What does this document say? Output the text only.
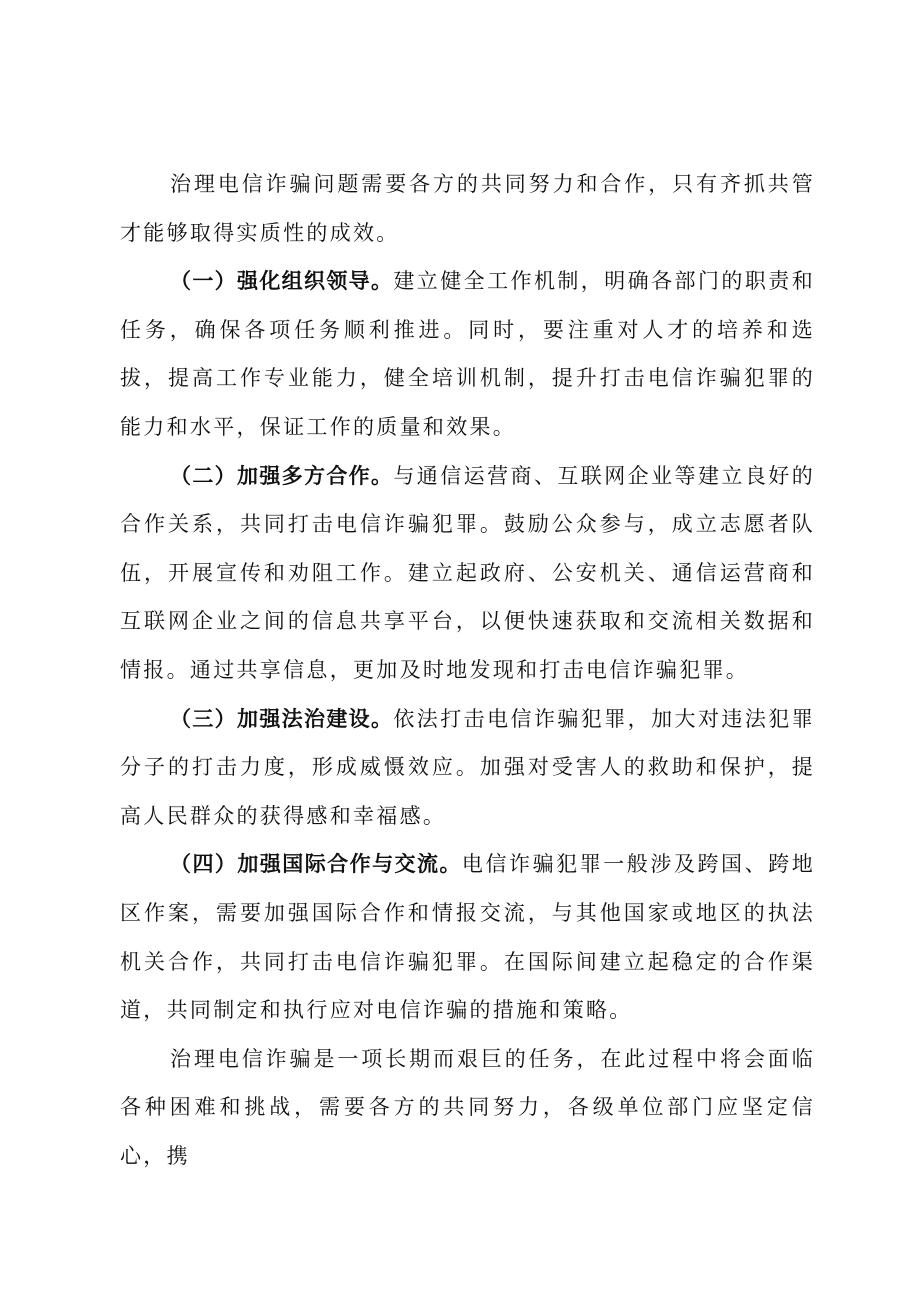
治理电信诈骗问题需要各方的共同努力和合作，只有齐抓共管才能够取得实质性的成效。

（一）强化组织领导。建立健全工作机制，明确各部门的职责和任务，确保各项任务顺利推进。同时，要注重对人才的培养和选拔，提高工作专业能力，健全培训机制，提升打击电信诈骗犯罪的能力和水平，保证工作的质量和效果。

（二）加强多方合作。与通信运营商、互联网企业等建立良好的合作关系，共同打击电信诈骗犯罪。鼓励公众参与，成立志愿者队伍，开展宣传和劝阻工作。建立起政府、公安机关、通信运营商和互联网企业之间的信息共享平台，以便快速获取和交流相关数据和情报。通过共享信息，更加及时地发现和打击电信诈骗犯罪。

（三）加强法治建设。依法打击电信诈骗犯罪，加大对违法犯罪分子的打击力度，形成威慑效应。加强对受害人的救助和保护，提高人民群众的获得感和幸福感。

（四）加强国际合作与交流。电信诈骗犯罪一般涉及跨国、跨地区作案，需要加强国际合作和情报交流，与其他国家或地区的执法机关合作，共同打击电信诈骗犯罪。在国际间建立起稳定的合作渠道，共同制定和执行应对电信诈骗的措施和策略。

治理电信诈骗是一项长期而艰巨的任务，在此过程中将会面临各种困难和挑战，需要各方的共同努力，各级单位部门应坚定信心，携
